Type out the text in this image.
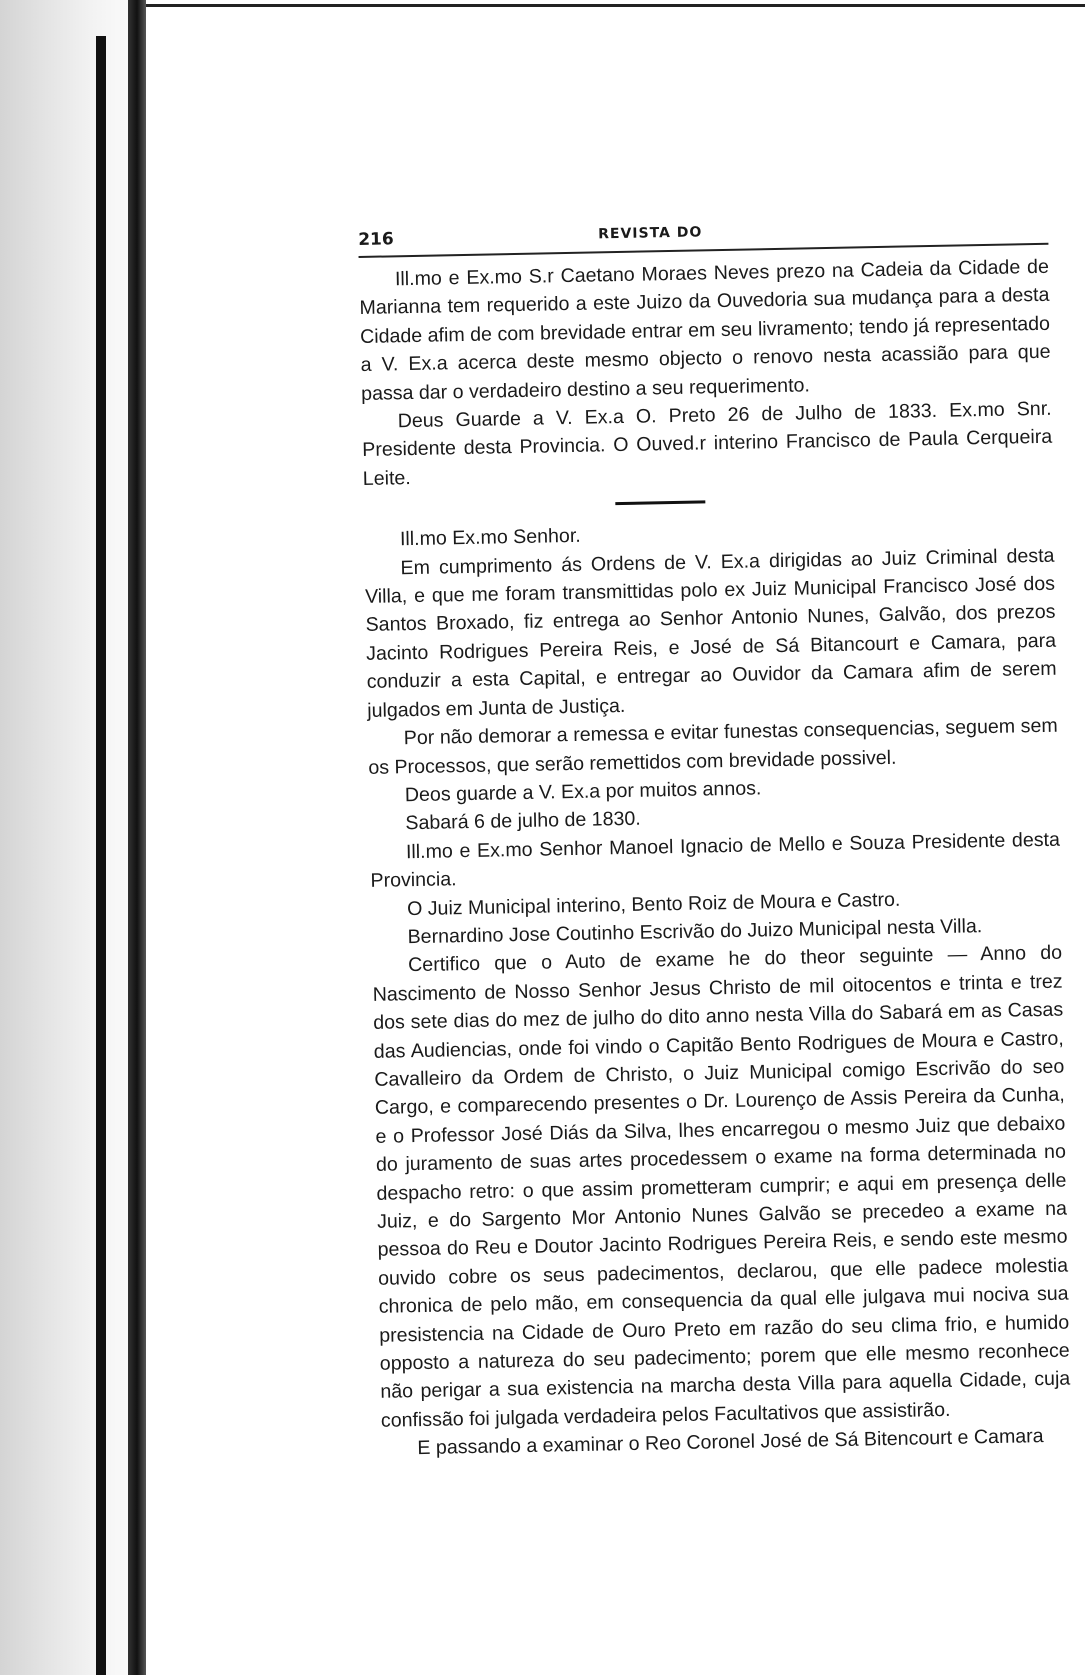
216	REVISTA DO

Ill.mo e Ex.mo S.r Caetano Moraes Neves prezo na Cadeia da Cidade de Marianna tem requerido a este Juizo da Ouvedoria sua mudança para a desta Cidade afim de com brevidade entrar em seu livramento; tendo já representado a V. Ex.a acerca deste mesmo objecto o renovo nesta acassião para que passa dar o verdadeiro destino a seu requerimento.

Deus Guarde a V. Ex.a O. Preto 26 de Julho de 1833. Ex.mo Snr. Presidente desta Provincia. O Ouved.r interino Francisco de Paula Cerqueira Leite.

Ill.mo Ex.mo Senhor.

Em cumprimento ás Ordens de V. Ex.a dirigidas ao Juiz Criminal desta Villa, e que me foram transmittidas polo ex Juiz Municipal Francisco José dos Santos Broxado, fiz entrega ao Senhor Antonio Nunes, Galvão, dos prezos Jacinto Rodrigues Pereira Reis, e José de Sá Bitancourt e Camara, para conduzir a esta Capital, e entregar ao Ouvidor da Camara afim de serem julgados em Junta de Justiça.

Por não demorar a remessa e evitar funestas consequencias, seguem sem os Processos, que serão remettidos com brevidade possivel.

Deos guarde a V. Ex.a por muitos annos.

Sabará 6 de julho de 1830.

Ill.mo e Ex.mo Senhor Manoel Ignacio de Mello e Souza Presidente desta Provincia.

O Juiz Municipal interino, Bento Roiz de Moura e Castro.

Bernardino Jose Coutinho Escrivão do Juizo Municipal nesta Villa.

Certifico que o Auto de exame he do theor seguinte — Anno do Nascimento de Nosso Senhor Jesus Christo de mil oitocentos e trinta e trez dos sete dias do mez de julho do dito anno nesta Villa do Sabará em as Casas das Audiencias, onde foi vindo o Capitão Bento Rodrigues de Moura e Castro, Cavalleiro da Ordem de Christo, o Juiz Municipal comigo Escrivão do seo Cargo, e comparecendo presentes o Dr. Lourenço de Assis Pereira da Cunha, e o Professor José Diás da Silva, lhes encarregou o mesmo Juiz que debaixo do juramento de suas artes procedessem o exame na forma determinada no despacho retro: o que assim prometteram cumprir; e aqui em presença delle Juiz, e do Sargento Mor Antonio Nunes Galvão se precedeo a exame na pessoa do Reu e Doutor Jacinto Rodrigues Pereira Reis, e sendo este mesmo ouvido cobre os seus padecimentos, declarou, que elle padece molestia chronica de pelo mão, em consequencia da qual elle julgava mui nociva sua presistencia na Cidade de Ouro Preto em razão do seu clima frio, e humido opposto a natureza do seu padecimento; porem que elle mesmo reconhece não perigar a sua existencia na marcha desta Villa para aquella Cidade, cuja confissão foi julgada verdadeira pelos Facultativos que assistirão.

E passando a examinar o Reo Coronel José de Sá Bitencourt e Camara
